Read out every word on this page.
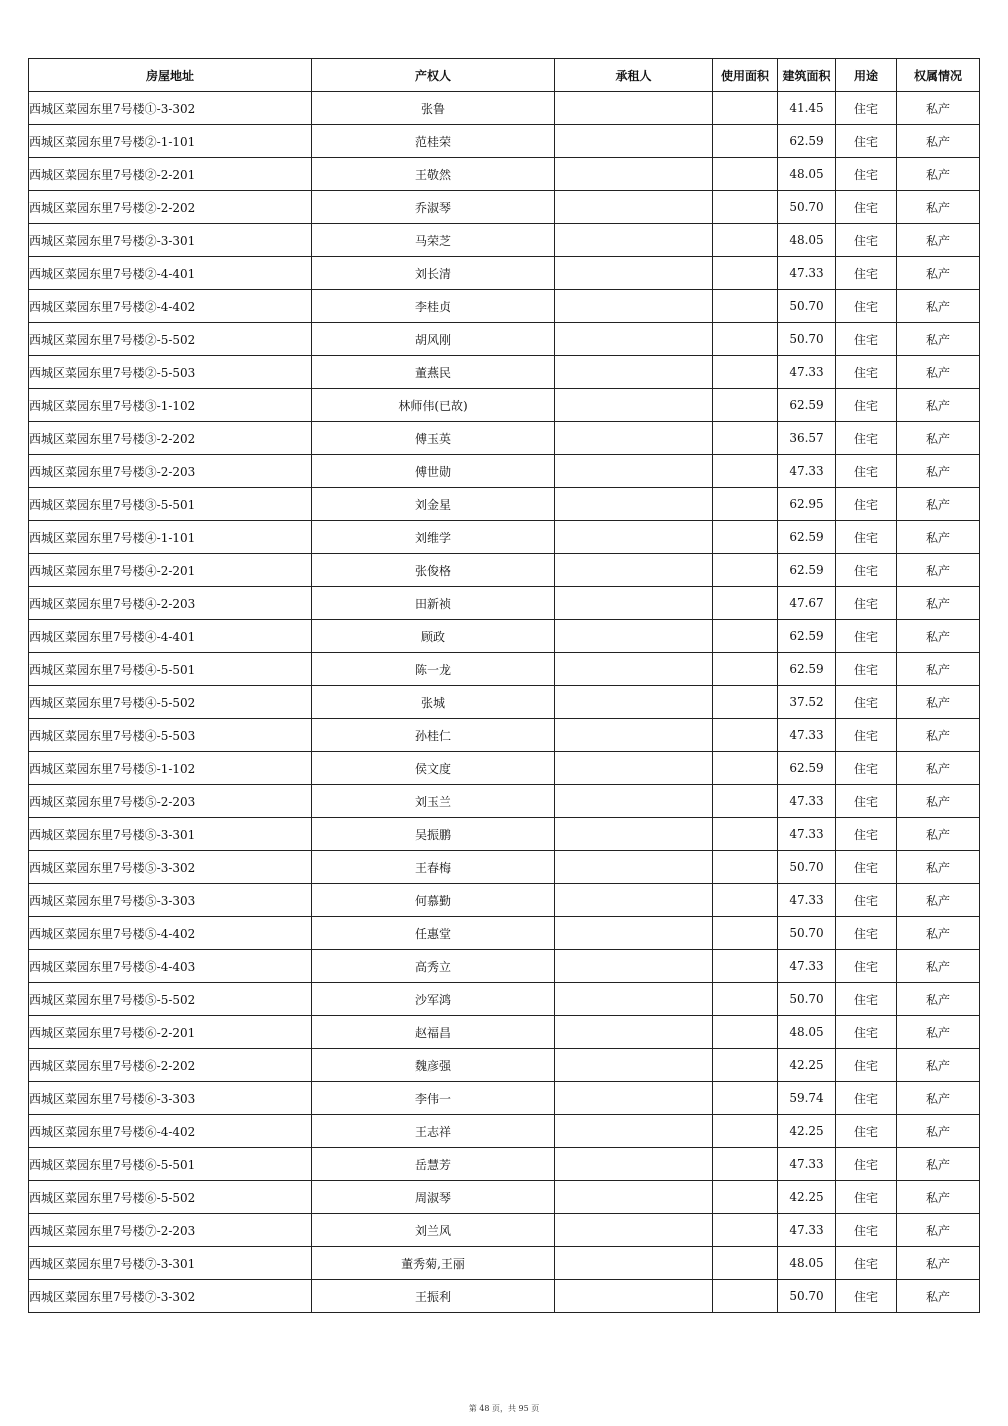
房屋地址	产权人	承租人	使用面积	建筑面积	用途	权属情况
西城区菜园东里7号楼①-3-302	张鲁			41.45	住宅	私产
西城区菜园东里7号楼②-1-101	范桂荣			62.59	住宅	私产
西城区菜园东里7号楼②-2-201	王敬然			48.05	住宅	私产
西城区菜园东里7号楼②-2-202	乔淑琴			50.70	住宅	私产
西城区菜园东里7号楼②-3-301	马荣芝			48.05	住宅	私产
西城区菜园东里7号楼②-4-401	刘长清			47.33	住宅	私产
西城区菜园东里7号楼②-4-402	李桂贞			50.70	住宅	私产
西城区菜园东里7号楼②-5-502	胡风刚			50.70	住宅	私产
西城区菜园东里7号楼②-5-503	董燕民			47.33	住宅	私产
西城区菜园东里7号楼③-1-102	林师伟(已故)			62.59	住宅	私产
西城区菜园东里7号楼③-2-202	傅玉英			36.57	住宅	私产
西城区菜园东里7号楼③-2-203	傅世勋			47.33	住宅	私产
西城区菜园东里7号楼③-5-501	刘金星			62.95	住宅	私产
西城区菜园东里7号楼④-1-101	刘维学			62.59	住宅	私产
西城区菜园东里7号楼④-2-201	张俊格			62.59	住宅	私产
西城区菜园东里7号楼④-2-203	田新祯			47.67	住宅	私产
西城区菜园东里7号楼④-4-401	顾政			62.59	住宅	私产
西城区菜园东里7号楼④-5-501	陈一龙			62.59	住宅	私产
西城区菜园东里7号楼④-5-502	张城			37.52	住宅	私产
西城区菜园东里7号楼④-5-503	孙桂仁			47.33	住宅	私产
西城区菜园东里7号楼⑤-1-102	侯文度			62.59	住宅	私产
西城区菜园东里7号楼⑤-2-203	刘玉兰			47.33	住宅	私产
西城区菜园东里7号楼⑤-3-301	吴振鹏			47.33	住宅	私产
西城区菜园东里7号楼⑤-3-302	王春梅			50.70	住宅	私产
西城区菜园东里7号楼⑤-3-303	何慕勤			47.33	住宅	私产
西城区菜园东里7号楼⑤-4-402	任惠堂			50.70	住宅	私产
西城区菜园东里7号楼⑤-4-403	高秀立			47.33	住宅	私产
西城区菜园东里7号楼⑤-5-502	沙军鸿			50.70	住宅	私产
西城区菜园东里7号楼⑥-2-201	赵福昌			48.05	住宅	私产
西城区菜园东里7号楼⑥-2-202	魏彦强			42.25	住宅	私产
西城区菜园东里7号楼⑥-3-303	李伟一			59.74	住宅	私产
西城区菜园东里7号楼⑥-4-402	王志祥			42.25	住宅	私产
西城区菜园东里7号楼⑥-5-501	岳慧芳			47.33	住宅	私产
西城区菜园东里7号楼⑥-5-502	周淑琴			42.25	住宅	私产
西城区菜园东里7号楼⑦-2-203	刘兰风			47.33	住宅	私产
西城区菜园东里7号楼⑦-3-301	董秀菊,王丽			48.05	住宅	私产
西城区菜园东里7号楼⑦-3-302	王振利			50.70	住宅	私产
第 48 页，共 95 页
